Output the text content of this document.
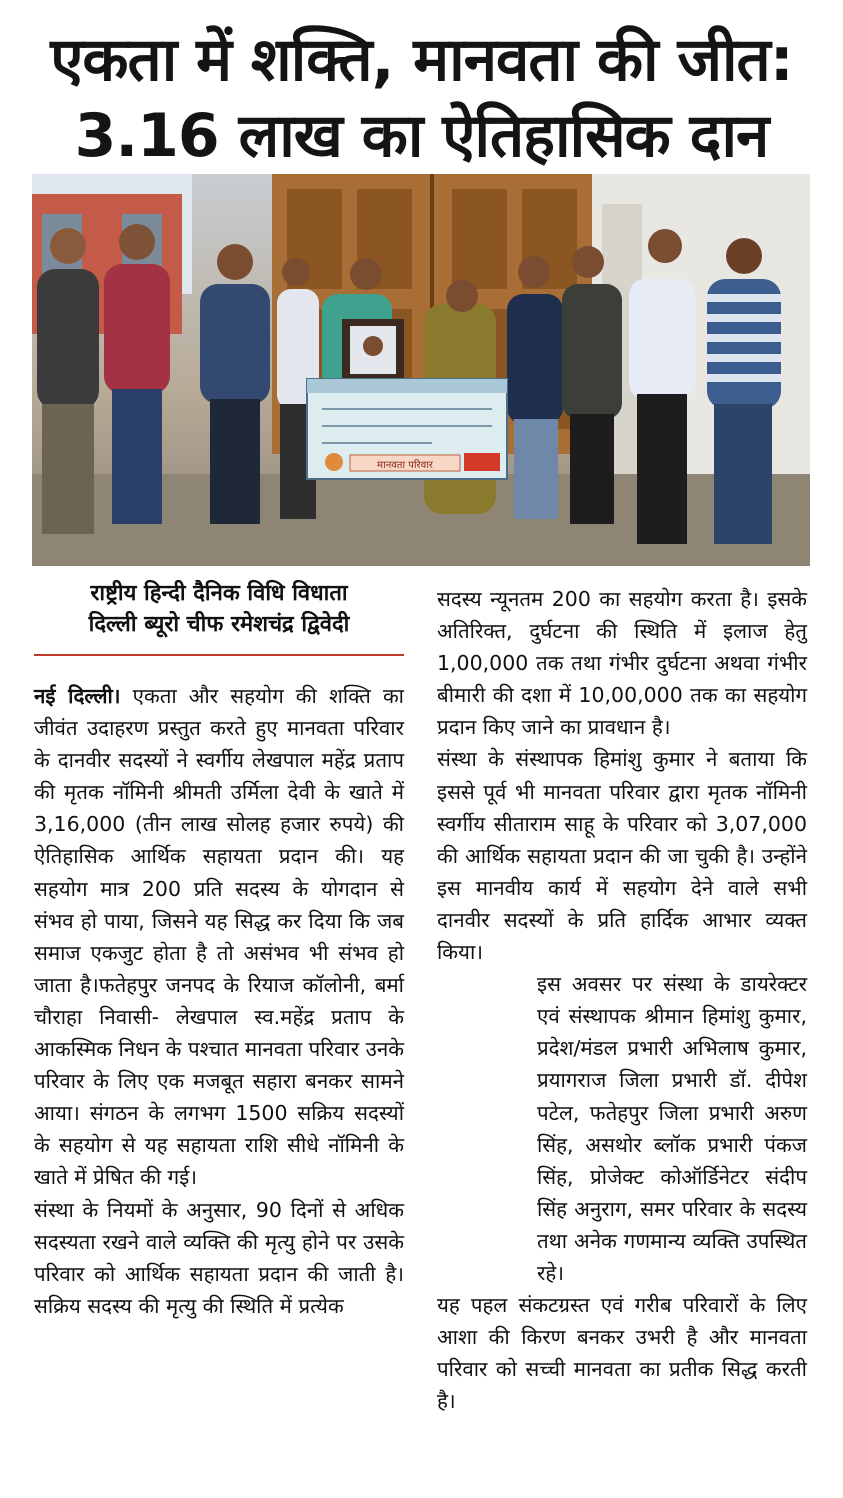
एकता में शक्ति, मानवता की जीत:
3.16 लाख का ऐतिहासिक दान
मानवता परिवार
राष्ट्रीय हिन्दी दैनिक विधि विधाता
दिल्ली ब्यूरो चीफ रमेशचंद्र द्विवेदी

नई दिल्ली। एकता और सहयोग की शक्ति का जीवंत उदाहरण प्रस्तुत करते हुए मानवता परिवार के दानवीर सदस्यों ने स्वर्गीय लेखपाल महेंद्र प्रताप की मृतक नॉमिनी श्रीमती उर्मिला देवी के खाते में 3,16,000 (तीन लाख सोलह हजार रुपये) की ऐतिहासिक आर्थिक सहायता प्रदान की। यह सहयोग मात्र 200 प्रति सदस्य के योगदान से संभव हो पाया, जिसने यह सिद्ध कर दिया कि जब समाज एकजुट होता है तो असंभव भी संभव हो जाता है।फतेहपुर जनपद के रियाज कॉलोनी, बर्मा चौराहा निवासी- लेखपाल स्व.महेंद्र प्रताप के आकस्मिक निधन के पश्चात मानवता परिवार उनके परिवार के लिए एक मजबूत सहारा बनकर सामने आया। संगठन के लगभग 1500 सक्रिय सदस्यों के सहयोग से यह सहायता राशि सीधे नॉमिनी के खाते में प्रेषित की गई।

संस्था के नियमों के अनुसार, 90 दिनों से अधिक सदस्यता रखने वाले व्यक्ति की मृत्यु होने पर उसके परिवार को आर्थिक सहायता प्रदान की जाती है। सक्रिय सदस्य की मृत्यु की स्थिति में प्रत्येक

सदस्य न्यूनतम 200 का सहयोग करता है। इसके अतिरिक्त, दुर्घटना की स्थिति में इलाज हेतु 1,00,000 तक तथा गंभीर दुर्घटना अथवा गंभीर बीमारी की दशा में 10,00,000 तक का सहयोग प्रदान किए जाने का प्रावधान है।

संस्था के संस्थापक हिमांशु कुमार ने बताया कि इससे पूर्व भी मानवता परिवार द्वारा मृतक नॉमिनी स्वर्गीय सीताराम साहू के परिवार को 3,07,000 की आर्थिक सहायता प्रदान की जा चुकी है। उन्होंने इस मानवीय कार्य में सहयोग देने वाले सभी दानवीर सदस्यों के प्रति हार्दिक आभार व्यक्त किया।

इस अवसर पर संस्था के डायरेक्टर एवं संस्थापक श्रीमान हिमांशु कुमार, प्रदेश/मंडल प्रभारी अभिलाष कुमार, प्रयागराज जिला प्रभारी डॉ. दीपेश पटेल, फतेहपुर जिला प्रभारी अरुण सिंह, असथोर ब्लॉक प्रभारी पंकज सिंह, प्रोजेक्ट कोऑर्डिनेटर संदीप सिंह अनुराग, समर परिवार के सदस्य तथा अनेक गणमान्य व्यक्ति उपस्थित रहे।

यह पहल संकटग्रस्त एवं गरीब परिवारों के लिए आशा की किरण बनकर उभरी है और मानवता परिवार को सच्ची मानवता का प्रतीक सिद्ध करती है।
